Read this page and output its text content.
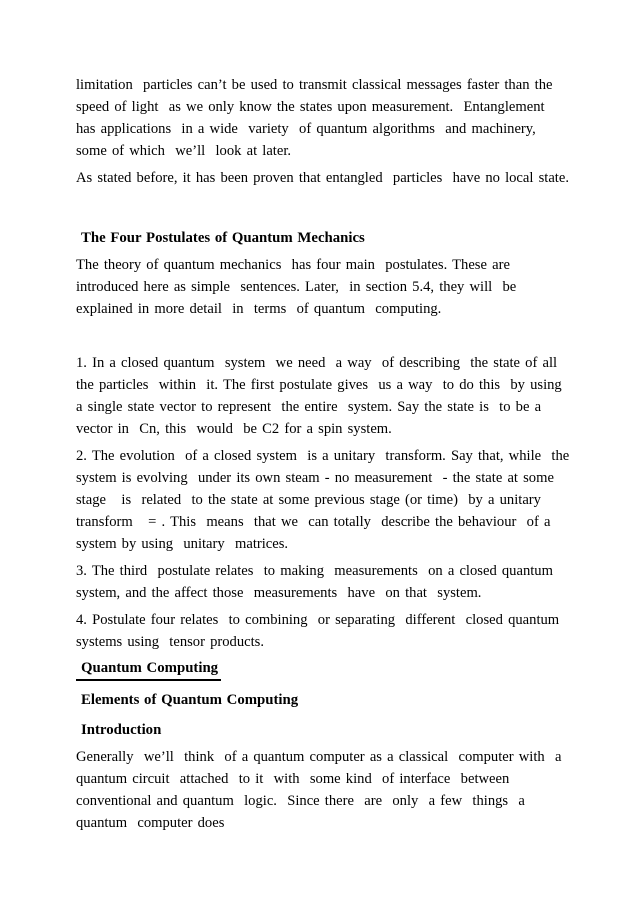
limitation  particles can’t be used to transmit classical messages faster than the speed of light  as we only know the states upon measurement.  Entanglement  has applications  in a wide  variety  of quantum algorithms  and machinery,  some of which  we’ll  look at later.

As stated before, it has been proven that entangled  particles  have no local state.

The Four Postulates of Quantum Mechanics

The theory of quantum mechanics  has four main  postulates. These are introduced here as simple  sentences. Later,  in section 5.4, they will  be explained in more detail  in  terms  of quantum  computing.

1. In a closed quantum  system  we need  a way  of describing  the state of all  the particles  within  it. The first postulate gives  us a way  to do this  by using  a single state vector to represent  the entire  system. Say the state is  to be a vector in  Cn, this  would  be C2 for a spin system.

2. The evolution  of a closed system  is a unitary  transform. Say that, while  the system is evolving  under its own steam - no measurement  - the state at some stage   is  related  to the state at some previous stage (or time)  by a unitary transform   = . This  means  that we  can totally  describe the behaviour  of a system by using  unitary  matrices.

3. The third  postulate relates  to making  measurements  on a closed quantum system, and the affect those  measurements  have  on that  system.

4. Postulate four relates  to combining  or separating  different  closed quantum systems using  tensor products.

Quantum Computing
Elements of Quantum Computing
Introduction

Generally  we’ll  think  of a quantum computer as a classical  computer with  a quantum circuit  attached  to it  with  some kind  of interface  between conventional and quantum  logic.  Since there  are  only  a few  things  a quantum  computer does
